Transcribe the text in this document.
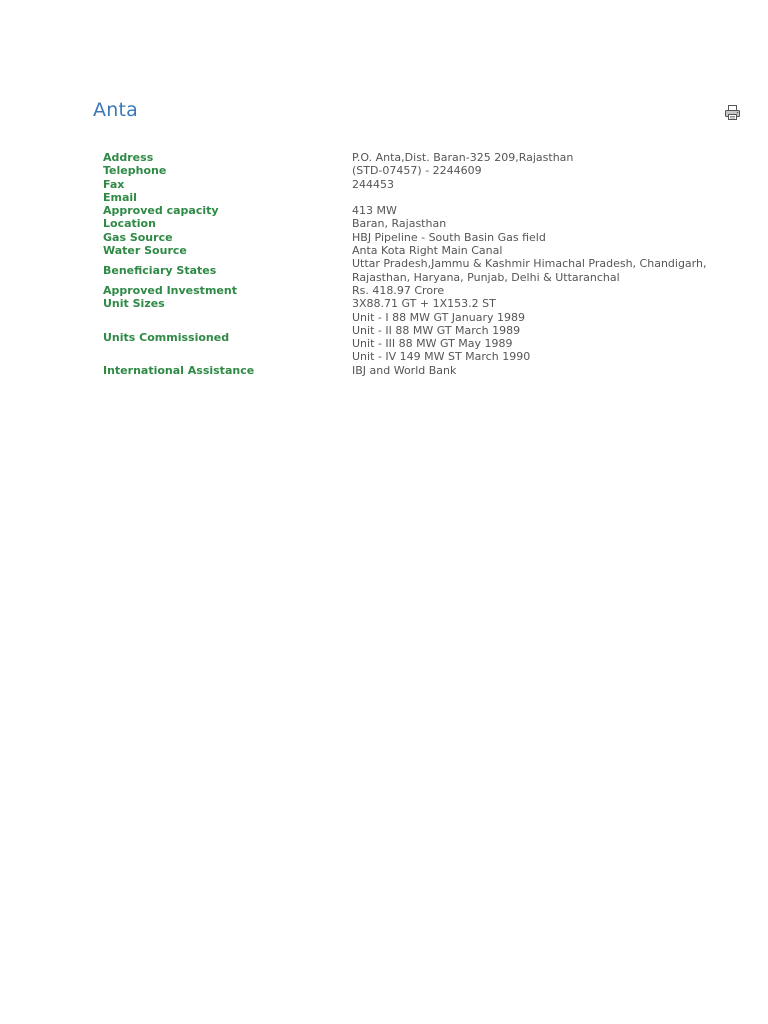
Anta
Address	P.O. Anta,Dist. Baran-325 209,Rajasthan

Telephone	(STD-07457) - 2244609

Fax	244453

Email	

Approved capacity	413 MW

Location	Baran, Rajasthan

Gas Source	HBJ Pipeline - South Basin Gas field

Water Source	Anta Kota Right Main Canal

Beneficiary States	Uttar Pradesh,Jammu & Kashmir Himachal Pradesh, Chandigarh,
Rajasthan, Haryana, Punjab, Delhi & Uttaranchal

Approved Investment	Rs. 418.97 Crore

Unit Sizes	3X88.71 GT + 1X153.2 ST

Units Commissioned	Unit - I 88 MW GT January 1989
Unit - II 88 MW GT March 1989
Unit - III 88 MW GT May 1989
Unit - IV 149 MW ST March 1990

International Assistance	IBJ and World Bank
